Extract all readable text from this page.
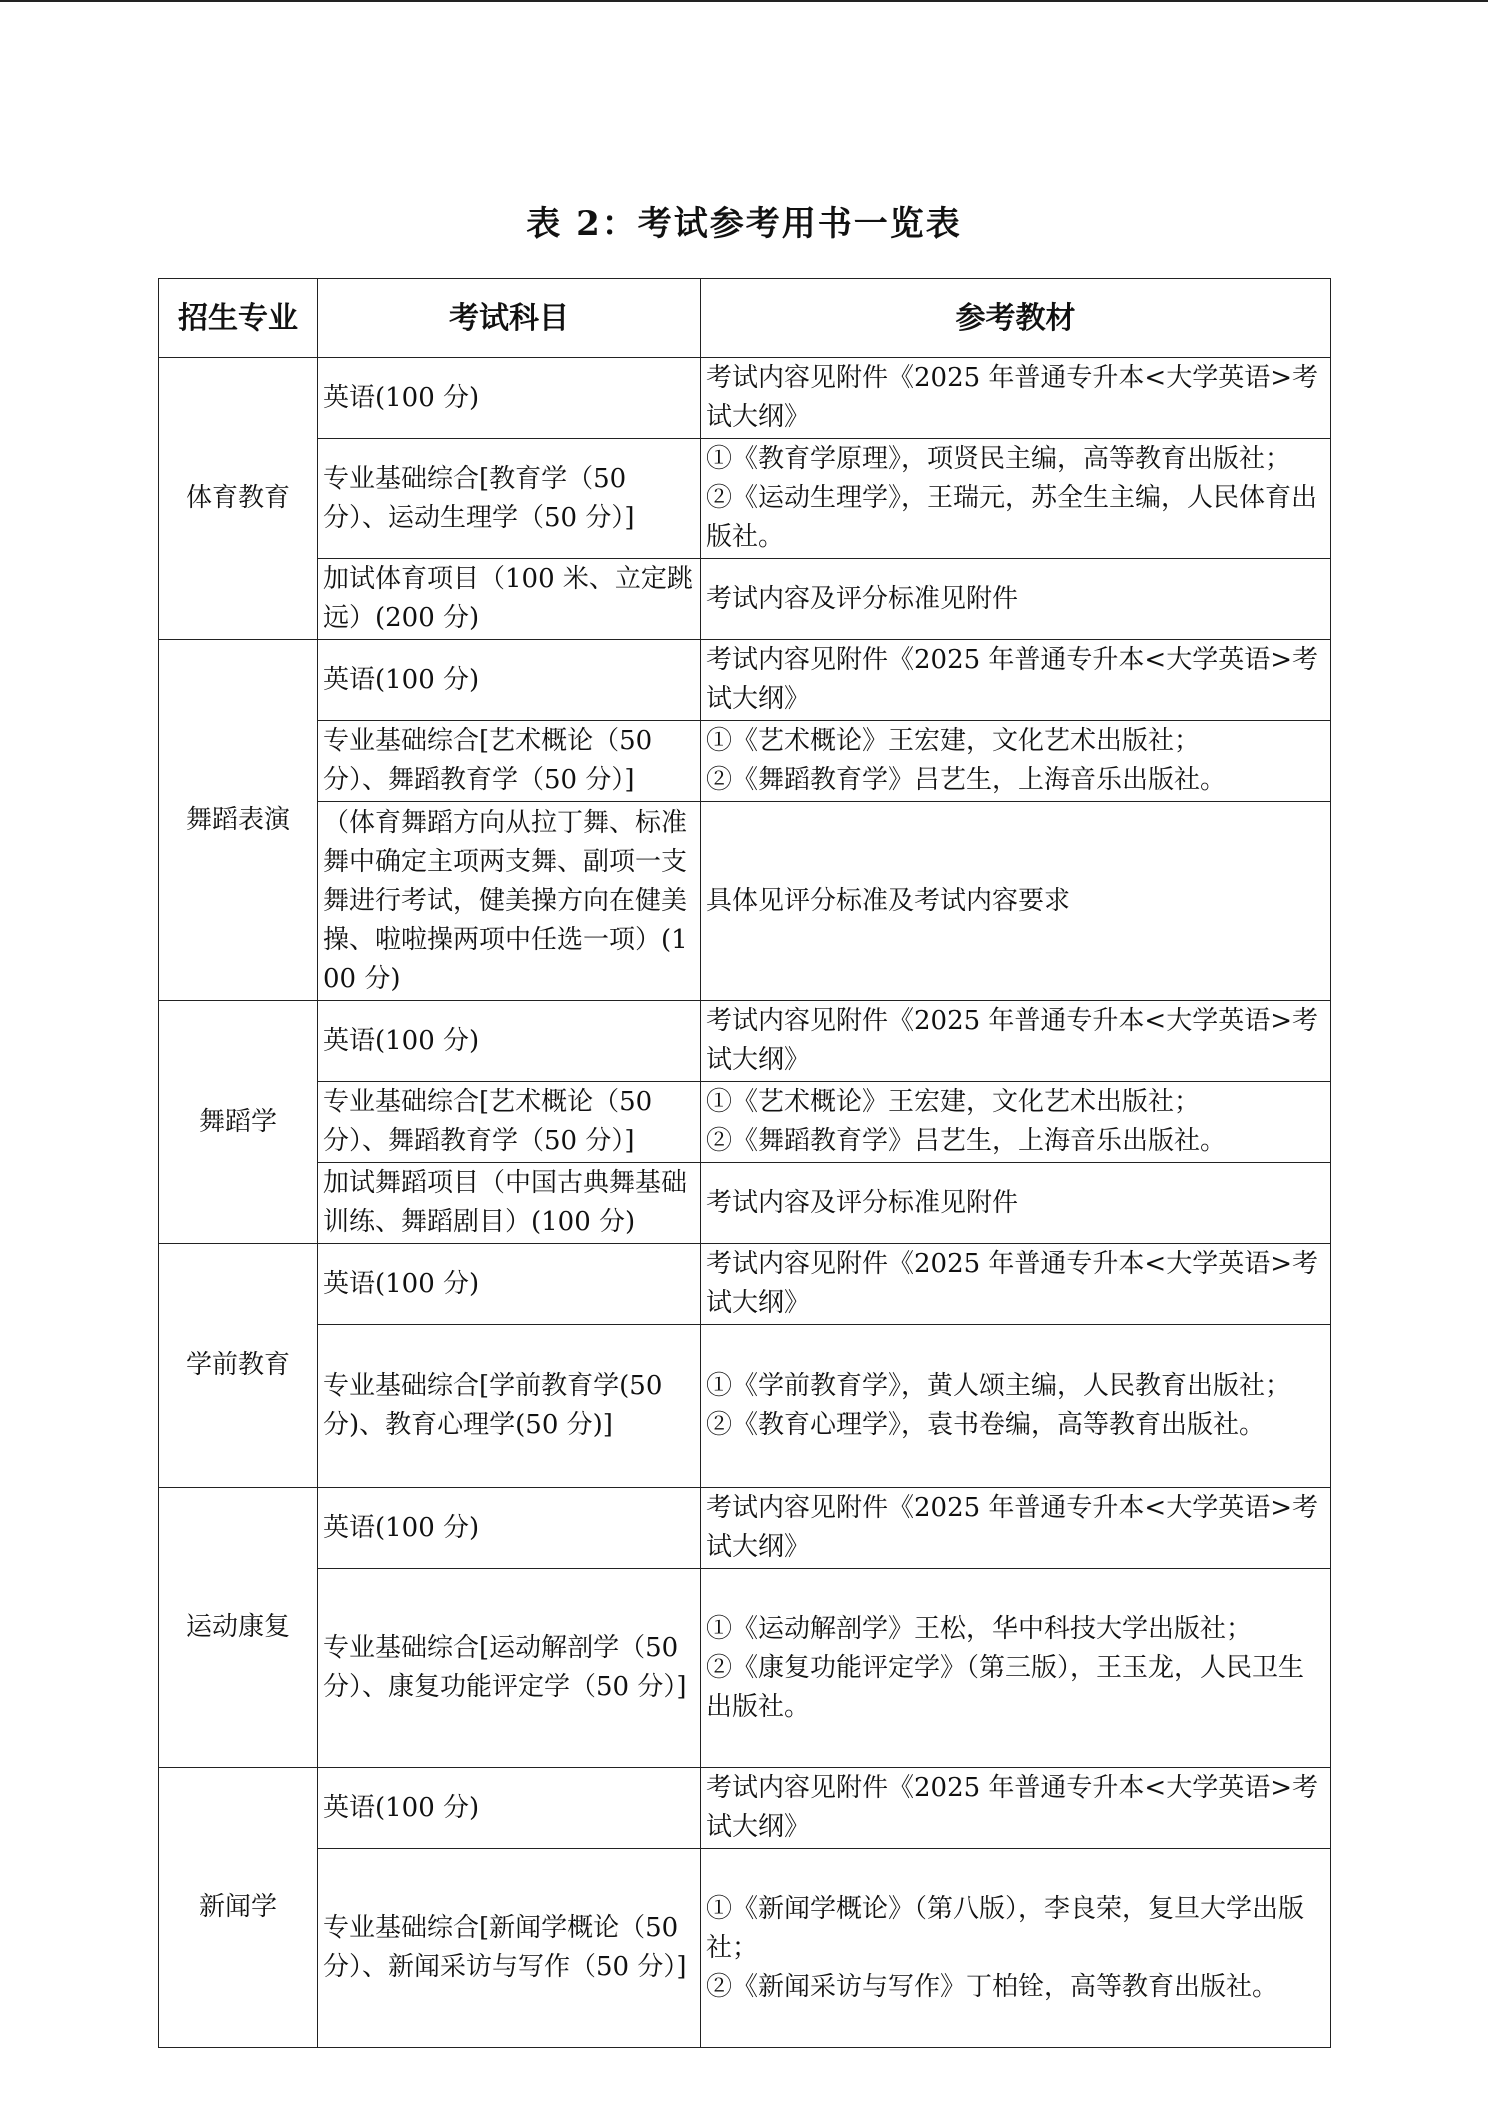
表 2：考试参考用书一览表
招生专业	考试科目	参考教材
体育教育	英语(100 分)	考试内容见附件《2025 年普通专升本<大学英语>考试大纲》
	专业基础综合[教育学（50 分）、运动生理学（50 分）]	①《教育学原理》，项贤民主编，高等教育出版社；
②《运动生理学》，王瑞元，苏全生主编，人民体育出版社。
	加试体育项目（100 米、立定跳远）(200 分)	考试内容及评分标准见附件
舞蹈表演	英语(100 分)	考试内容见附件《2025 年普通专升本<大学英语>考试大纲》
	专业基础综合[艺术概论（50 分）、舞蹈教育学（50 分）]	①《艺术概论》王宏建，文化艺术出版社；
②《舞蹈教育学》吕艺生，上海音乐出版社。
	（体育舞蹈方向从拉丁舞、标准舞中确定主项两支舞、副项一支舞进行考试，健美操方向在健美操、啦啦操两项中任选一项）(100 分)	具体见评分标准及考试内容要求
舞蹈学	英语(100 分)	考试内容见附件《2025 年普通专升本<大学英语>考试大纲》
	专业基础综合[艺术概论（50 分）、舞蹈教育学（50 分）]	①《艺术概论》王宏建，文化艺术出版社；
②《舞蹈教育学》吕艺生，上海音乐出版社。
	加试舞蹈项目（中国古典舞基础训练、舞蹈剧目）(100 分)	考试内容及评分标准见附件
学前教育	英语(100 分)	考试内容见附件《2025 年普通专升本<大学英语>考试大纲》
	专业基础综合[学前教育学(50 分)、教育心理学(50 分)]	①《学前教育学》，黄人颂主编，人民教育出版社；
②《教育心理学》，袁书卷编，高等教育出版社。
运动康复	英语(100 分)	考试内容见附件《2025 年普通专升本<大学英语>考试大纲》
	专业基础综合[运动解剖学（50 分）、康复功能评定学（50 分）]	①《运动解剖学》王松，华中科技大学出版社；
②《康复功能评定学》（第三版），王玉龙，人民卫生出版社。
新闻学	英语(100 分)	考试内容见附件《2025 年普通专升本<大学英语>考试大纲》
	专业基础综合[新闻学概论（50 分）、新闻采访与写作（50 分）]	①《新闻学概论》（第八版），李良荣，复旦大学出版社；
②《新闻采访与写作》丁柏铨，高等教育出版社。
